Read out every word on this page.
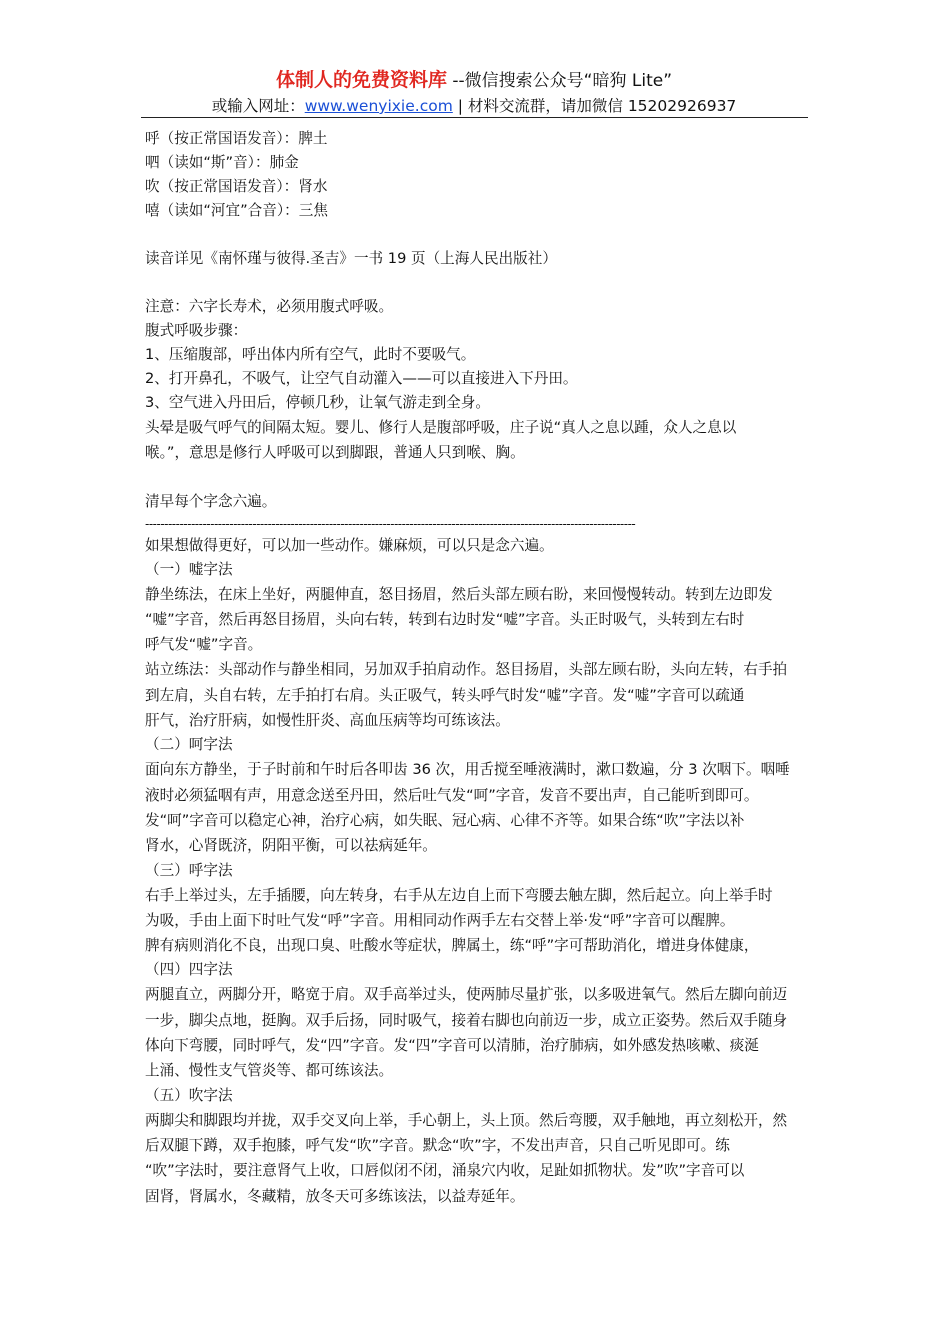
体制人的免费资料库 --微信搜索公众号“暗狗 Lite”
或输入网址：www.wenyixie.com | 材料交流群，请加微信 15202926937
呼（按正常国语发音）：脾土
呬（读如“斯”音）：肺金
吹（按正常国语发音）：肾水
嘻（读如“河宜”合音）：三焦
读音详见《南怀瑾与彼得.圣吉》一书 19 页（上海人民出版社）
注意：六字长寿术，必须用腹式呼吸。
腹式呼吸步骤：
1、压缩腹部，呼出体内所有空气，此时不要吸气。
2、打开鼻孔，不吸气，让空气自动灌入——可以直接进入下丹田。
3、空气进入丹田后，停顿几秒，让氧气游走到全身。
头晕是吸气呼气的间隔太短。婴儿、修行人是腹部呼吸，庄子说“真人之息以踵，众人之息以
喉。”，意思是修行人呼吸可以到脚跟，普通人只到喉、胸。
清早每个字念六遍。
--------------------------------------------------------------------------------------------------------------------------------
如果想做得更好，可以加一些动作。嫌麻烦，可以只是念六遍。
（一）嘘字法
静坐练法，在床上坐好，两腿伸直，怒目扬眉，然后头部左顾右盼，来回慢慢转动。转到左边即发
“嘘”字音，然后再怒目扬眉，头向右转，转到右边时发“嘘”字音。头正时吸气，头转到左右时
呼气发“嘘”字音。
站立练法：头部动作与静坐相同，另加双手拍肩动作。怒目扬眉，头部左顾右盼，头向左转，右手拍
到左肩，头自右转，左手拍打右肩。头正吸气，转头呼气时发“嘘”字音。发“嘘”字音可以疏通
肝气，治疗肝病，如慢性肝炎、高血压病等均可练该法。
（二）呵字法
面向东方静坐，于子时前和午时后各叩齿 36 次，用舌搅至唾液满时，漱口数遍，分 3 次咽下。咽唾
液时必须猛咽有声，用意念送至丹田，然后吐气发“呵”字音，发音不要出声，自己能听到即可。
发“呵”字音可以稳定心神，治疗心病，如失眠、冠心病、心律不齐等。如果合练“吹”字法以补
肾水，心肾既济，阴阳平衡，可以祛病延年。
（三）呼字法
右手上举过头，左手插腰，向左转身，右手从左边自上而下弯腰去触左脚，然后起立。向上举手时
为吸，手由上面下时吐气发“呼”字音。用相同动作两手左右交替上举·发“呼”字音可以醒脾。
脾有病则消化不良，出现口臭、吐酸水等症状，脾属土，练“呼”字可帮助消化，增进身体健康，
（四）四字法
两腿直立，两脚分开，略宽于肩。双手高举过头，使两肺尽量扩张，以多吸进氧气。然后左脚向前迈
一步，脚尖点地，挺胸。双手后扬，同时吸气，接着右脚也向前迈一步，成立正姿势。然后双手随身
体向下弯腰，同时呼气，发“四”字音。发“四”字音可以清肺，治疗肺病，如外感发热咳嗽、痰涎
上涌、慢性支气管炎等、都可练该法。
（五）吹字法
两脚尖和脚跟均并拢，双手交叉向上举，手心朝上，头上顶。然后弯腰，双手触地，再立刻松开，然
后双腿下蹲，双手抱膝，呼气发“吹”字音。默念“吹”字，不发出声音，只自己听见即可。练
“吹”字法时，要注意肾气上收，口唇似闭不闭，涌泉穴内收，足趾如抓物状。发”吹”字音可以
固肾，肾属水，冬藏精，放冬天可多练该法，以益寿延年。
